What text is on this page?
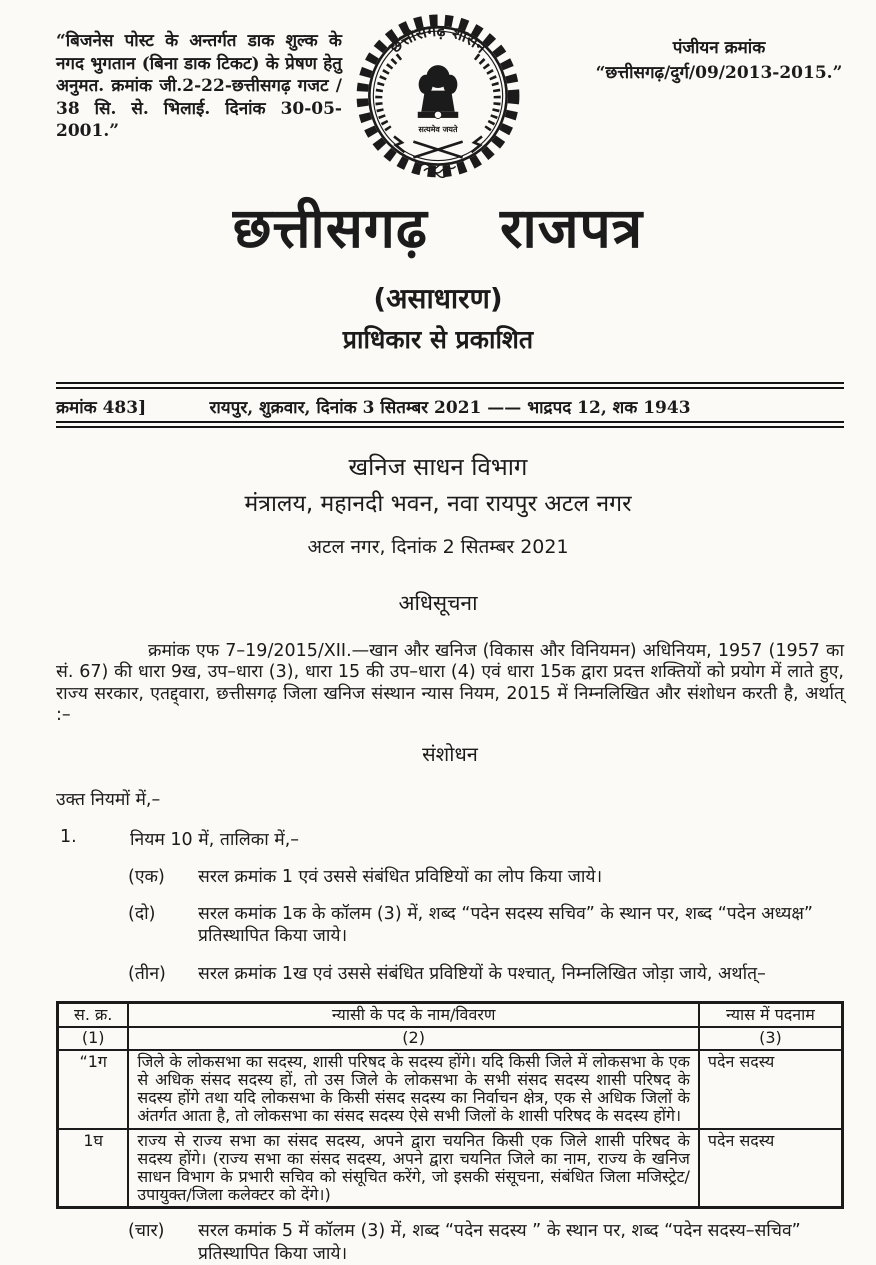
“बिजनेस पोस्ट के अन्तर्गत डाक शुल्क के नगद भुगतान (बिना डाक टिकट) के प्रेषण हेतु अनुमत. क्रमांक जी.2-22-छत्तीसगढ़ गजट / 38 सि. से. भिलाई. दिनांक 30-05-2001.”
छत्तीसगढ़ शासन
सत्यमेव जयते
पंजीयन क्रमांक
“छत्तीसगढ़/दुर्ग/09/2013-2015.”
छत्तीसगढ़ राजपत्र
(असाधारण)
प्राधिकार से प्रकाशित
क्रमांक 483]	रायपुर, शुक्रवार, दिनांक 3 सितम्बर 2021 —— भाद्रपद 12, शक 1943
खनिज साधन विभाग
मंत्रालय, महानदी भवन, नवा रायपुर अटल नगर
अटल नगर, दिनांक 2 सितम्बर 2021
अधिसूचना

क्रमांक एफ 7–19/2015/XII.—खान और खनिज (विकास और विनियमन) अधिनियम, 1957 (1957 का सं. 67) की धारा 9ख, उप–धारा (3), धारा 15 की उप–धारा (4) एवं धारा 15क द्वारा प्रदत्त शक्तियों को प्रयोग में लाते हुए, राज्य सरकार, एतद्द्वारा, छत्तीसगढ़ जिला खनिज संस्थान न्यास नियम, 2015 में निम्नलिखित और संशोधन करती है, अर्थात् :–

संशोधन
उक्त नियमों में,–
1.	नियम 10 में, तालिका में,–
(एक) सरल क्रमांक 1 एवं उससे संबंधित प्रविष्टियों का लोप किया जाये।
(दो) सरल कमांक 1क के कॉलम (3) में, शब्द “पदेन सदस्य सचिव” के स्थान पर, शब्द “पदेन अध्यक्ष” प्रतिस्थापित किया जाये।
(तीन) सरल क्रमांक 1ख एवं उससे संबंधित प्रविष्टियों के पश्चात्, निम्नलिखित जोड़ा जाये, अर्थात्–
स. क्र.	न्यासी के पद के नाम/विवरण	न्यास में पदनाम
(1)	(2)	(3)
“1ग	जिले के लोकसभा का सदस्य, शासी परिषद के सदस्य होंगे। यदि किसी जिले में लोकसभा के एक से अधिक संसद सदस्य हों, तो उस जिले के लोकसभा के सभी संसद सदस्य शासी परिषद के सदस्य होंगे तथा यदि लोकसभा के किसी संसद सदस्य का निर्वाचन क्षेत्र, एक से अधिक जिलों के अंतर्गत आता है, तो लोकसभा का संसद सदस्य ऐसे सभी जिलों के शासी परिषद के सदस्य होंगे।	पदेन सदस्य
1घ	राज्य से राज्य सभा का संसद सदस्य, अपने द्वारा चयनित किसी एक जिले शासी परिषद के सदस्य होंगे। (राज्य सभा का संसद सदस्य, अपने द्वारा चयनित जिले का नाम, राज्य के खनिज साधन विभाग के प्रभारी सचिव को संसूचित करेंगे, जो इसकी संसूचना, संबंधित जिला मजिस्ट्रेट/उपायुक्त/जिला कलेक्टर को देंगे।)	पदेन सदस्य
(चार) सरल कमांक 5 में कॉलम (3) में, शब्द “पदेन सदस्य ” के स्थान पर, शब्द “पदेन सदस्य–सचिव” प्रतिस्थापित किया जाये।
